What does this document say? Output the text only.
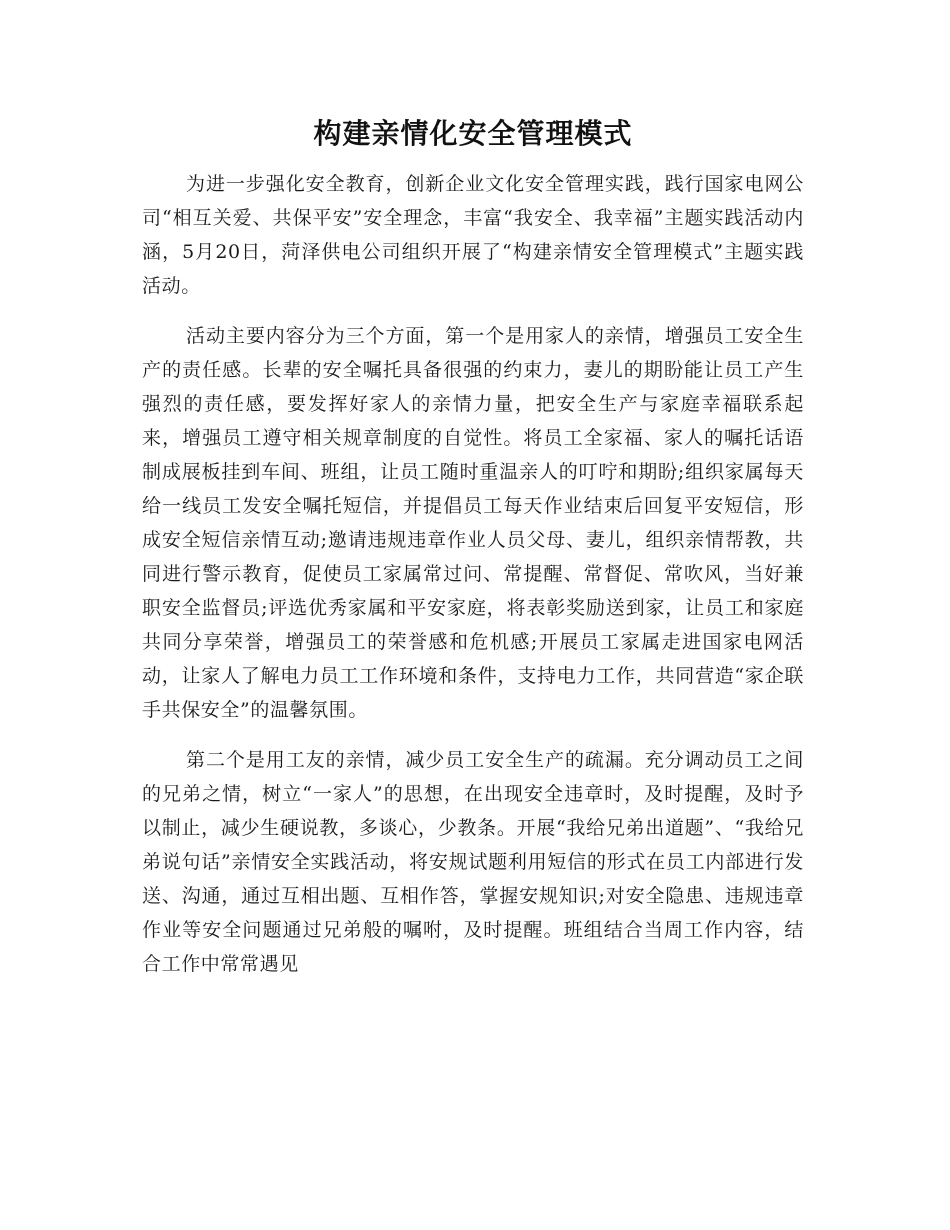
构建亲情化安全管理模式

为进一步强化安全教育，创新企业文化安全管理实践，践行国家电网公司“相互关爱、共保平安”安全理念，丰富“我安全、我幸福”主题实践活动内涵，5月20日，菏泽供电公司组织开展了“构建亲情安全管理模式”主题实践活动。

活动主要内容分为三个方面，第一个是用家人的亲情，增强员工安全生产的责任感。长辈的安全嘱托具备很强的约束力，妻儿的期盼能让员工产生强烈的责任感，要发挥好家人的亲情力量，把安全生产与家庭幸福联系起来，增强员工遵守相关规章制度的自觉性。将员工全家福、家人的嘱托话语制成展板挂到车间、班组，让员工随时重温亲人的叮咛和期盼;组织家属每天给一线员工发安全嘱托短信，并提倡员工每天作业结束后回复平安短信，形成安全短信亲情互动;邀请违规违章作业人员父母、妻儿，组织亲情帮教，共同进行警示教育，促使员工家属常过问、常提醒、常督促、常吹风，当好兼职安全监督员;评选优秀家属和平安家庭，将表彰奖励送到家，让员工和家庭共同分享荣誉，增强员工的荣誉感和危机感;开展员工家属走进国家电网活动，让家人了解电力员工工作环境和条件，支持电力工作，共同营造“家企联手共保安全”的温馨氛围。

第二个是用工友的亲情，减少员工安全生产的疏漏。充分调动员工之间的兄弟之情，树立“一家人”的思想，在出现安全违章时，及时提醒，及时予以制止，减少生硬说教，多谈心，少教条。开展“我给兄弟出道题”、“我给兄弟说句话”亲情安全实践活动，将安规试题利用短信的形式在员工内部进行发送、沟通，通过互相出题、互相作答，掌握安规知识;对安全隐患、违规违章作业等安全问题通过兄弟般的嘱咐，及时提醒。班组结合当周工作内容，结合工作中常常遇见
